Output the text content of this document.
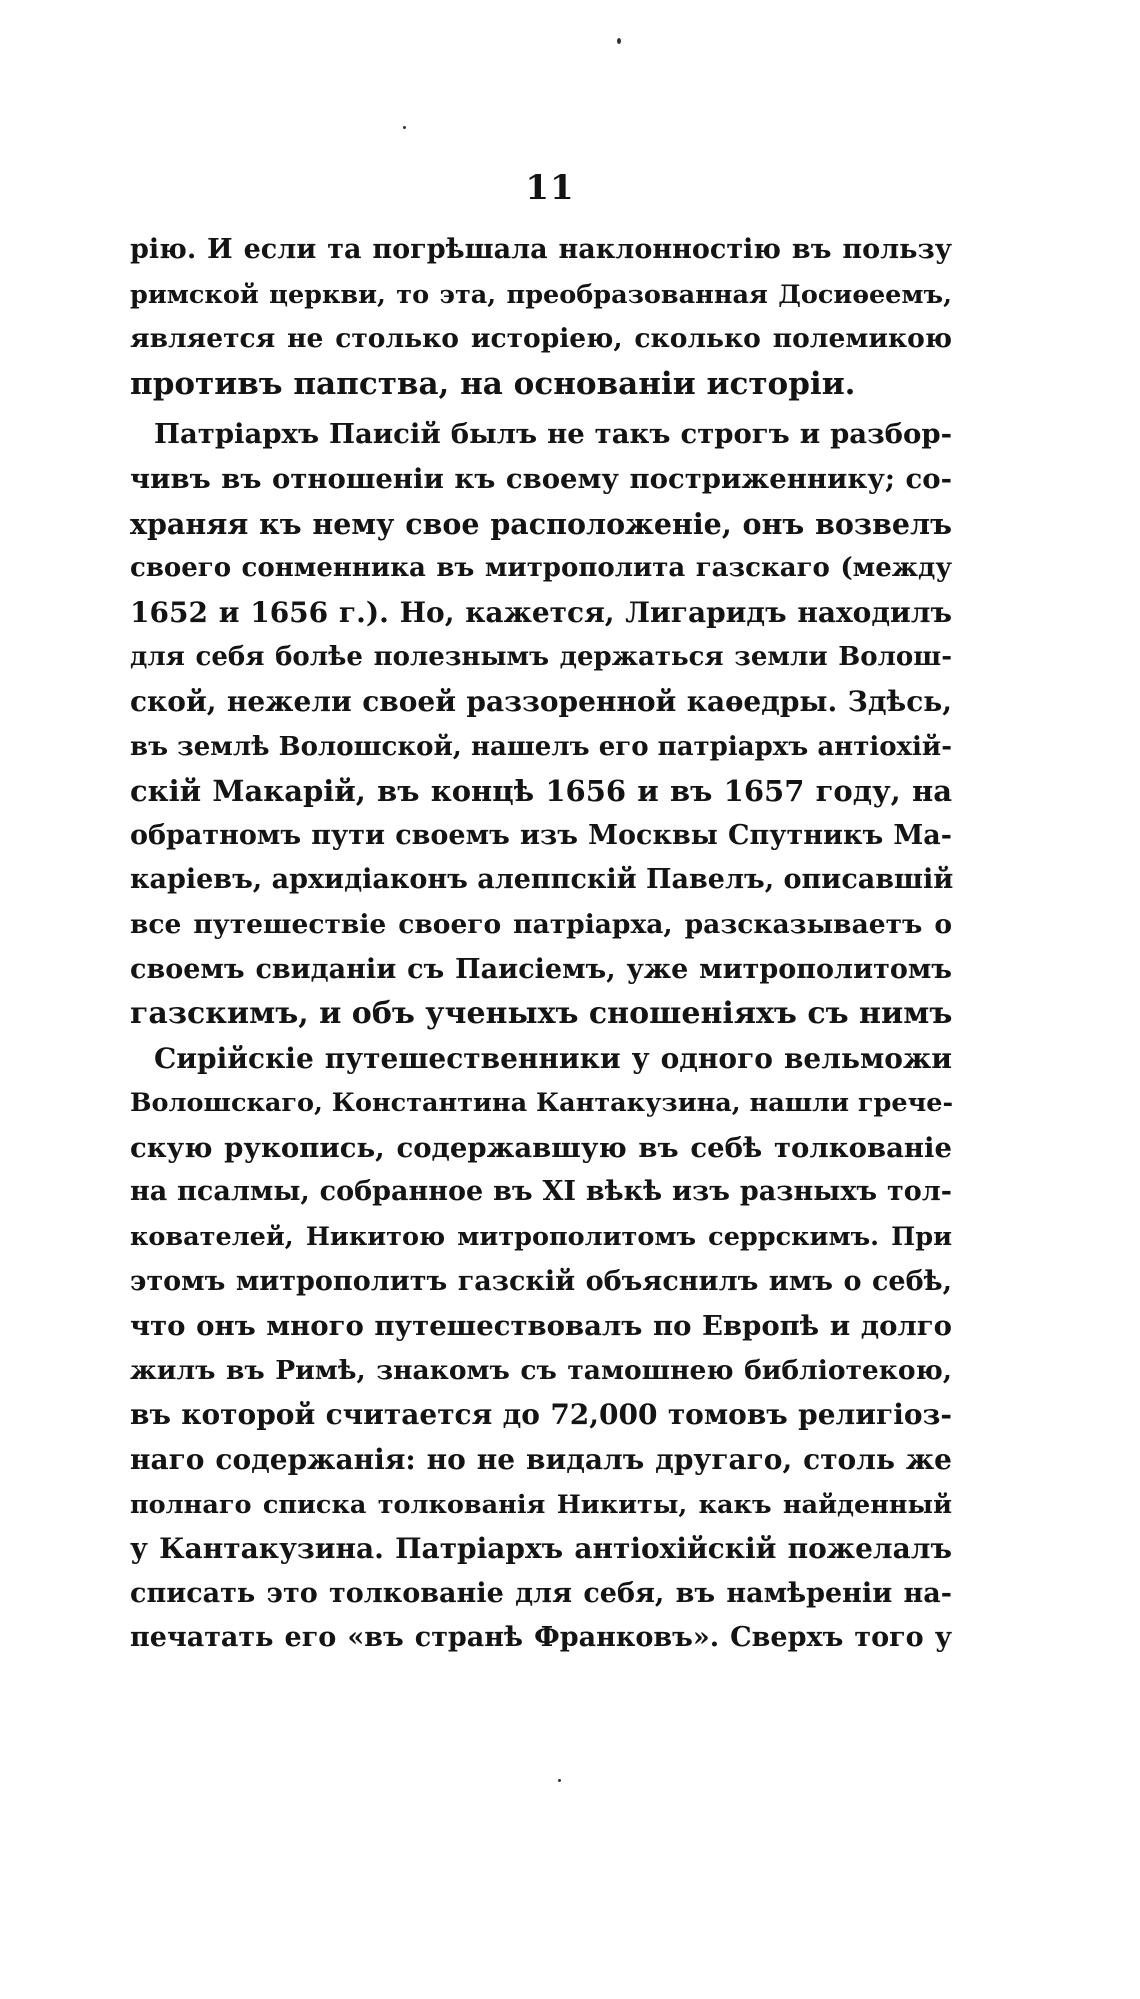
11
рію. И если та погрѣшала наклонностію въ пользу
римской церкви, то эта, преобразованная Досиѳеемъ,
является не столько исторіею, сколько полемикою
противъ папства, на основаніи исторіи.
Патріархъ Паисій былъ не такъ строгъ и разбор-
чивъ въ отношеніи къ своему постриженнику; со-
храняя къ нему свое расположеніе, онъ возвелъ
своего сонменника въ митрополита газскаго (между
1652 и 1656 г.). Но, кажется, Лигаридъ находилъ
для себя болѣе полезнымъ держаться земли Волош-
ской, нежели своей раззоренной каѳедры. Здѣсь,
въ землѣ Волошской, нашелъ его патріархъ антіохій-
скій Макарій, въ концѣ 1656 и въ 1657 году, на
обратномъ пути своемъ изъ Москвы Спутникъ Ма-
каріевъ, архидіаконъ алеппскій Павелъ, описавшій
все путешествіе своего патріарха, разсказываетъ о
своемъ свиданіи съ Паисіемъ, уже митрополитомъ
газскимъ, и объ ученыхъ сношеніяхъ съ нимъ
Сирійскіе путешественники у одного вельможи
Волошскаго, Константина Кантакузина, нашли грече-
скую рукопись, содержавшую въ себѣ толкованіе
на псалмы, собранное въ XI вѣкѣ изъ разныхъ тол-
кователей, Никитою митрополитомъ серрскимъ. При
этомъ митрополитъ газскій объяснилъ имъ о себѣ,
что онъ много путешествовалъ по Европѣ и долго
жилъ въ Римѣ, знакомъ съ тамошнею библіотекою,
въ которой считается до 72,000 томовъ религіоз-
наго содержанія: но не видалъ другаго, столь же
полнаго списка толкованія Никиты, какъ найденный
у Кантакузина. Патріархъ антіохійскій пожелалъ
списать это толкованіе для себя, въ намѣреніи на-
печатать его «въ странѣ Франковъ». Сверхъ того у
